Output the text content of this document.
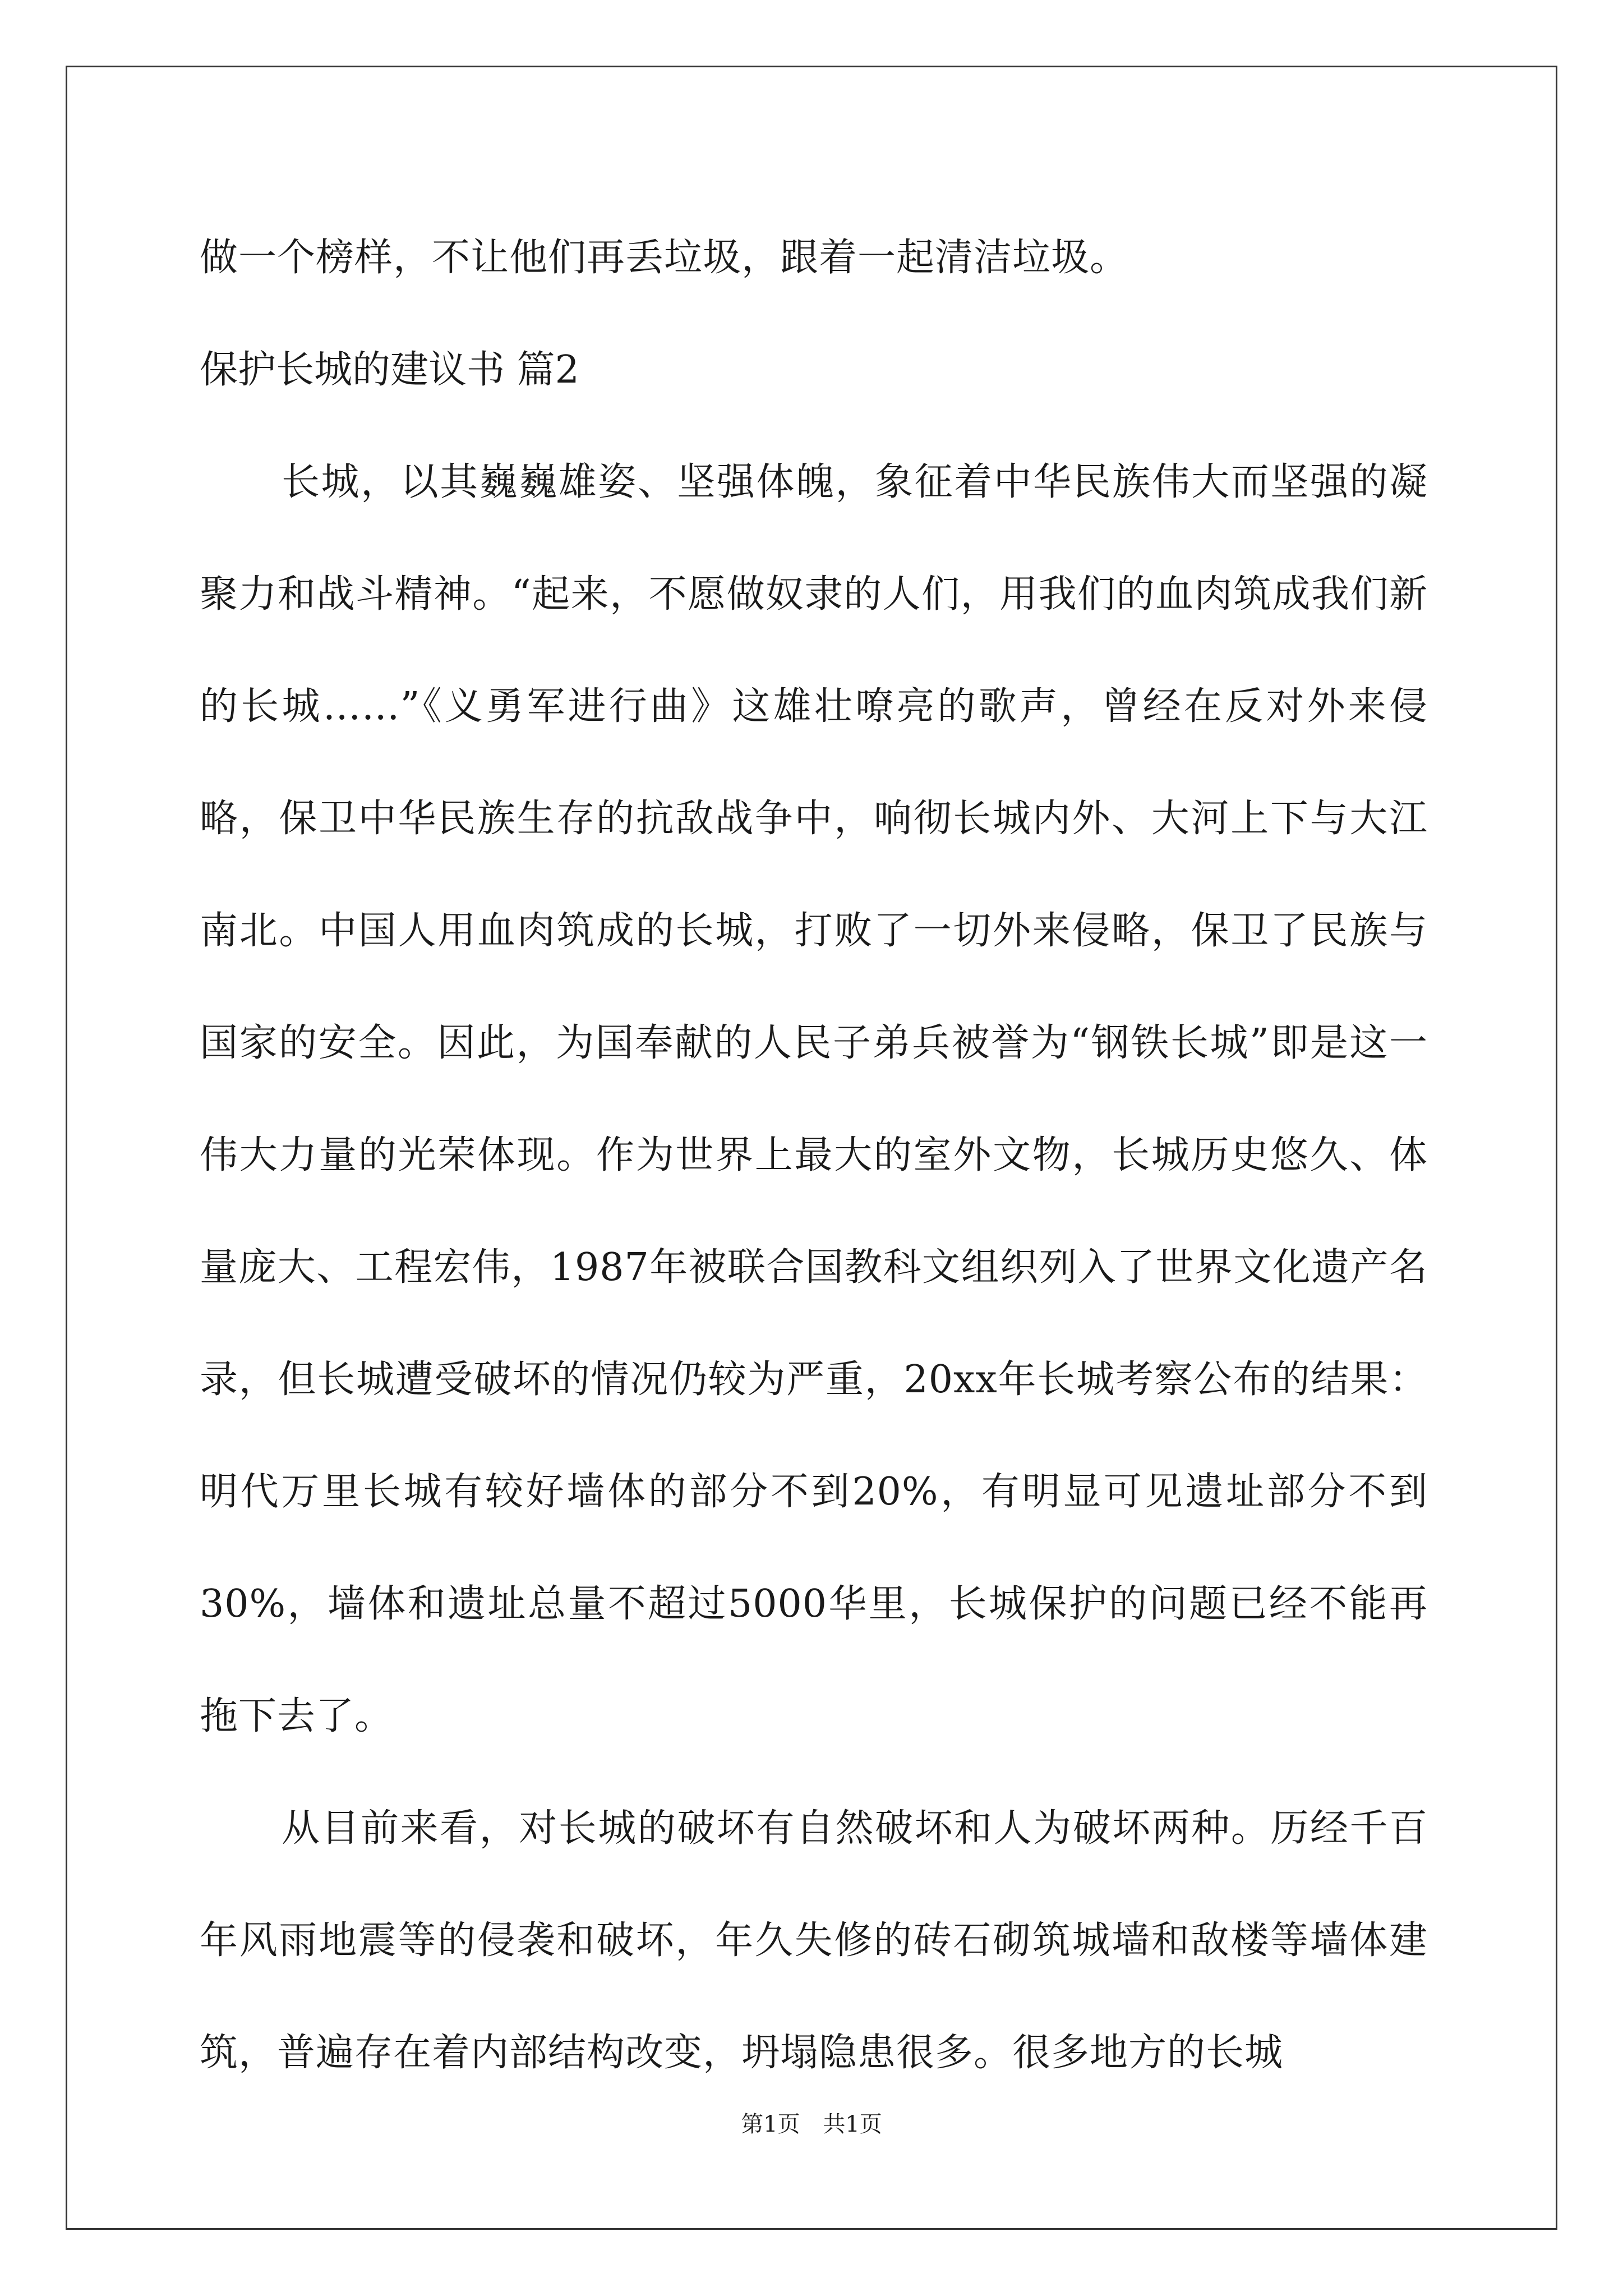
做一个榜样，不让他们再丢垃圾，跟着一起清洁垃圾。
保护长城的建议书 篇2

长城，以其巍巍雄姿、坚强体魄，象征着中华民族伟大而坚强的凝聚力和战斗精神。“起来，不愿做奴隶的人们，用我们的血肉筑成我们新的长城……”《义勇军进行曲》这雄壮嘹亮的歌声，曾经在反对外来侵略，保卫中华民族生存的抗敌战争中，响彻长城内外、大河上下与大江南北。中国人用血肉筑成的长城，打败了一切外来侵略，保卫了民族与国家的安全。因此，为国奉献的人民子弟兵被誉为“钢铁长城”即是这一伟大力量的光荣体现。作为世界上最大的室外文物，长城历史悠久、体量庞大、工程宏伟，1987年被联合国教科文组织列入了世界文化遗产名录，但长城遭受破坏的情况仍较为严重，20xx年长城考察公布的结果：明代万里长城有较好墙体的部分不到20%，有明显可见遗址部分不到30%，墙体和遗址总量不超过5000华里，长城保护的问题已经不能再拖下去了。

从目前来看，对长城的破坏有自然破坏和人为破坏两种。历经千百年风雨地震等的侵袭和破坏，年久失修的砖石砌筑城墙和敌楼等墙体建筑，普遍存在着内部结构改变，坍塌隐患很多。很多地方的长城

第1页 共1页
